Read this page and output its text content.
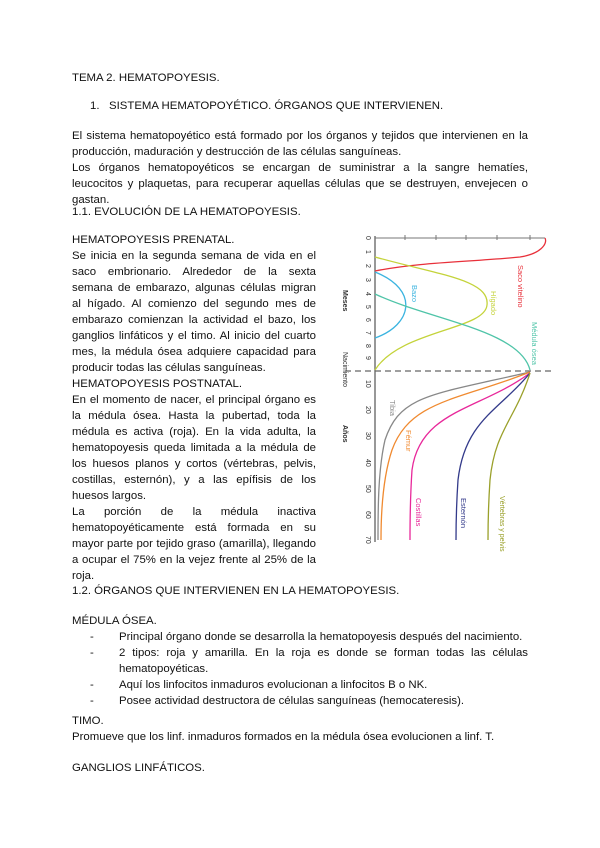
TEMA 2. HEMATOPOYESIS.
1. SISTEMA HEMATOPOYÉTICO. ÓRGANOS QUE INTERVIENEN.

El sistema hematopoyético está formado por los órganos y tejidos que intervienen en la producción, maduración y destrucción de las células sanguíneas.

Los órganos hematopoyéticos se encargan de suministrar a la sangre hematíes, leucocitos y plaquetas, para recuperar aquellas células que se destruyen, envejecen o gastan.

1.1. EVOLUCIÓN DE LA HEMATOPOYESIS.

HEMATOPOYESIS PRENATAL.

Se inicia en la segunda semana de vida en el saco embrionario. Alrededor de la sexta semana de embarazo, algunas células migran al hígado. Al comienzo del segundo mes de embarazo comienzan la actividad el bazo, los ganglios linfáticos y el timo. Al inicio del cuarto mes, la médula ósea adquiere capacidad para producir todas las células sanguíneas.

HEMATOPOYESIS POSTNATAL.

En el momento de nacer, el principal órgano es la médula ósea. Hasta la pubertad, toda la médula es activa (roja). En la vida adulta, la hematopoyesis queda limitada a la médula de los huesos planos y cortos (vértebras, pelvis, costillas, esternón), y a las epífisis de los huesos largos.

La porción de la médula inactiva hematopoyéticamente está formada en su mayor parte por tejido graso (amarilla), llegando a ocupar el 75% en la vejez frente al 25% de la roja.

0
1
2
3
4
5
6
7
8
9
10
20
30
40
50
60
70
Nacimiento
Meses
Años
Saco vitelino
Hígado
Bazo
Médula ósea
Tibia
Fémur
Costillas	Esternón	Vértebras y pelvis
1.2. ÓRGANOS QUE INTERVIENEN EN LA HEMATOPOYESIS.

MÉDULA ÓSEA.

- Principal órgano donde se desarrolla la hematopoyesis después del nacimiento.
- 2 tipos: roja y amarilla. En la roja es donde se forman todas las células hematopoyéticas.
- Aquí los linfocitos inmaduros evolucionan a linfocitos B o NK.
- Posee actividad destructora de células sanguíneas (hemocateresis).

TIMO.

Promueve que los linf. inmaduros formados en la médula ósea evolucionen a linf. T.

GANGLIOS LINFÁTICOS.
